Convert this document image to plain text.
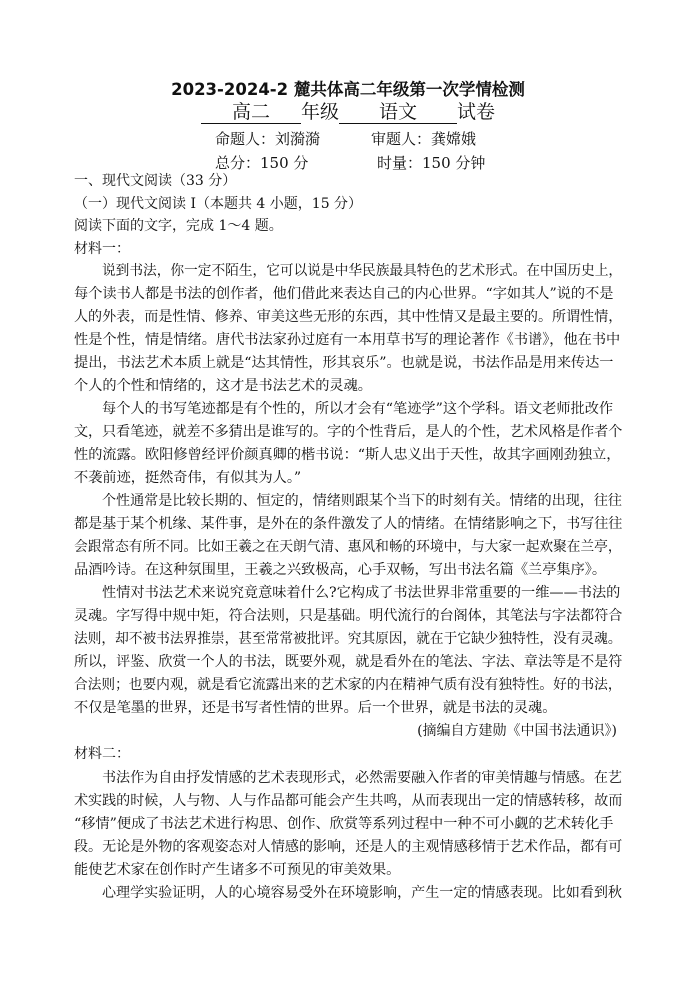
2023-2024-2 麓共体高二年级第一次学情检测
高二 年级 语文 试卷
命题人：刘漪漪	审题人：龚嫦娥
总分：150 分	时量：150 分钟
一、现代文阅读（33 分）
（一）现代文阅读 I（本题共 4 小题，15 分）
阅读下面的文字，完成 1～4 题。
材料一：
说到书法，你一定不陌生，它可以说是中华民族最具特色的艺术形式。在中国历史上，
每个读书人都是书法的创作者，他们借此来表达自己的内心世界。“字如其人”说的不是
人的外表，而是性情、修养、审美这些无形的东西，其中性情又是最主要的。所谓性情，
性是个性，情是情绪。唐代书法家孙过庭有一本用草书写的理论著作《书谱》，他在书中
提出，书法艺术本质上就是“达其情性，形其哀乐”。也就是说，书法作品是用来传达一
个人的个性和情绪的，这才是书法艺术的灵魂。
每个人的书写笔迹都是有个性的，所以才会有“笔迹学”这个学科。语文老师批改作
文，只看笔迹，就差不多猜出是谁写的。字的个性背后，是人的个性，艺术风格是作者个
性的流露。欧阳修曾经评价颜真卿的楷书说：“斯人忠义出于天性，故其字画刚劲独立，
不袭前迹，挺然奇伟，有似其为人。”
个性通常是比较长期的、恒定的，情绪则跟某个当下的时刻有关。情绪的出现，往往
都是基于某个机缘、某件事，是外在的条件激发了人的情绪。在情绪影响之下，书写往往
会跟常态有所不同。比如王羲之在天朗气清、惠风和畅的环境中，与大家一起欢聚在兰亭，
品酒吟诗。在这种氛围里，王羲之兴致极高，心手双畅，写出书法名篇《兰亭集序》。
性情对书法艺术来说究竟意味着什么?它构成了书法世界非常重要的一维——书法的
灵魂。字写得中规中矩，符合法则，只是基础。明代流行的台阁体，其笔法与字法都符合
法则，却不被书法界推崇，甚至常常被批评。究其原因，就在于它缺少独特性，没有灵魂。
所以，评鉴、欣赏一个人的书法，既要外观，就是看外在的笔法、字法、章法等是不是符
合法则；也要内观，就是看它流露出来的艺术家的内在精神气质有没有独特性。好的书法，
不仅是笔墨的世界，还是书写者性情的世界。后一个世界，就是书法的灵魂。
(摘编自方建勋《中国书法通识》)
材料二：
书法作为自由抒发情感的艺术表现形式，必然需要融入作者的审美情趣与情感。在艺
术实践的时候，人与物、人与作品都可能会产生共鸣，从而表现出一定的情感转移，故而
“移情”便成了书法艺术进行构思、创作、欣赏等系列过程中一种不可小觑的艺术转化手
段。无论是外物的客观姿态对人情感的影响，还是人的主观情感移情于艺术作品，都有可
能使艺术家在创作时产生诸多不可预见的审美效果。
心理学实验证明，人的心境容易受外在环境影响，产生一定的情感表现。比如看到秋
